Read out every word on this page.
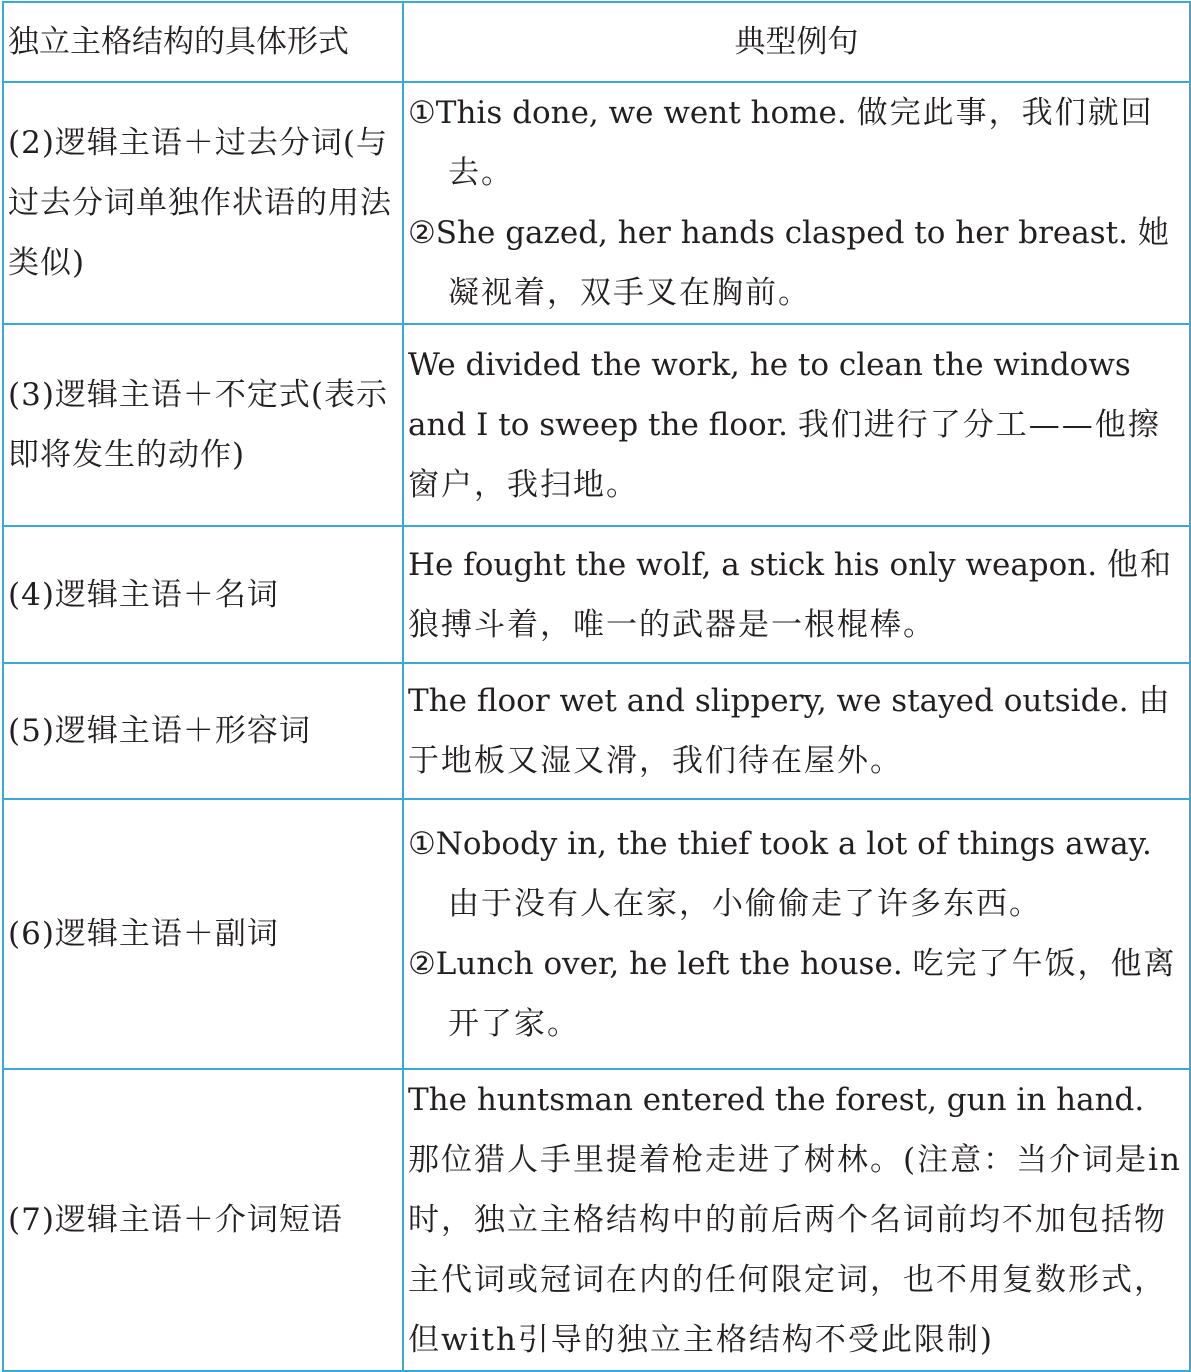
独立主格结构的具体形式	典型例句
(2)逻辑主语＋过去分词(与过去分词单独作状语的用法类似)	①This done, we went home. 做完此事，我们就回去。
②She gazed, her hands clasped to her breast. 她凝视着，双手叉在胸前。

(3)逻辑主语＋不定式(表示即将发生的动作)	We divided the work, he to clean the windows and I to sweep the floor. 我们进行了分工——他擦窗户，我扫地。

(4)逻辑主语＋名词	He fought the wolf, a stick his only weapon. 他和狼搏斗着，唯一的武器是一根棍棒。

(5)逻辑主语＋形容词	The floor wet and slippery, we stayed outside. 由于地板又湿又滑，我们待在屋外。

(6)逻辑主语＋副词	①Nobody in, the thief took a lot of things away. 由于没有人在家，小偷偷走了许多东西。
②Lunch over, he left the house. 吃完了午饭，他离开了家。

(7)逻辑主语＋介词短语	The huntsman entered the forest, gun in hand. 那位猎人手里提着枪走进了树林。(注意：当介词是in时，独立主格结构中的前后两个名词前均不加包括物主代词或冠词在内的任何限定词，也不用复数形式，但with引导的独立主格结构不受此限制)
